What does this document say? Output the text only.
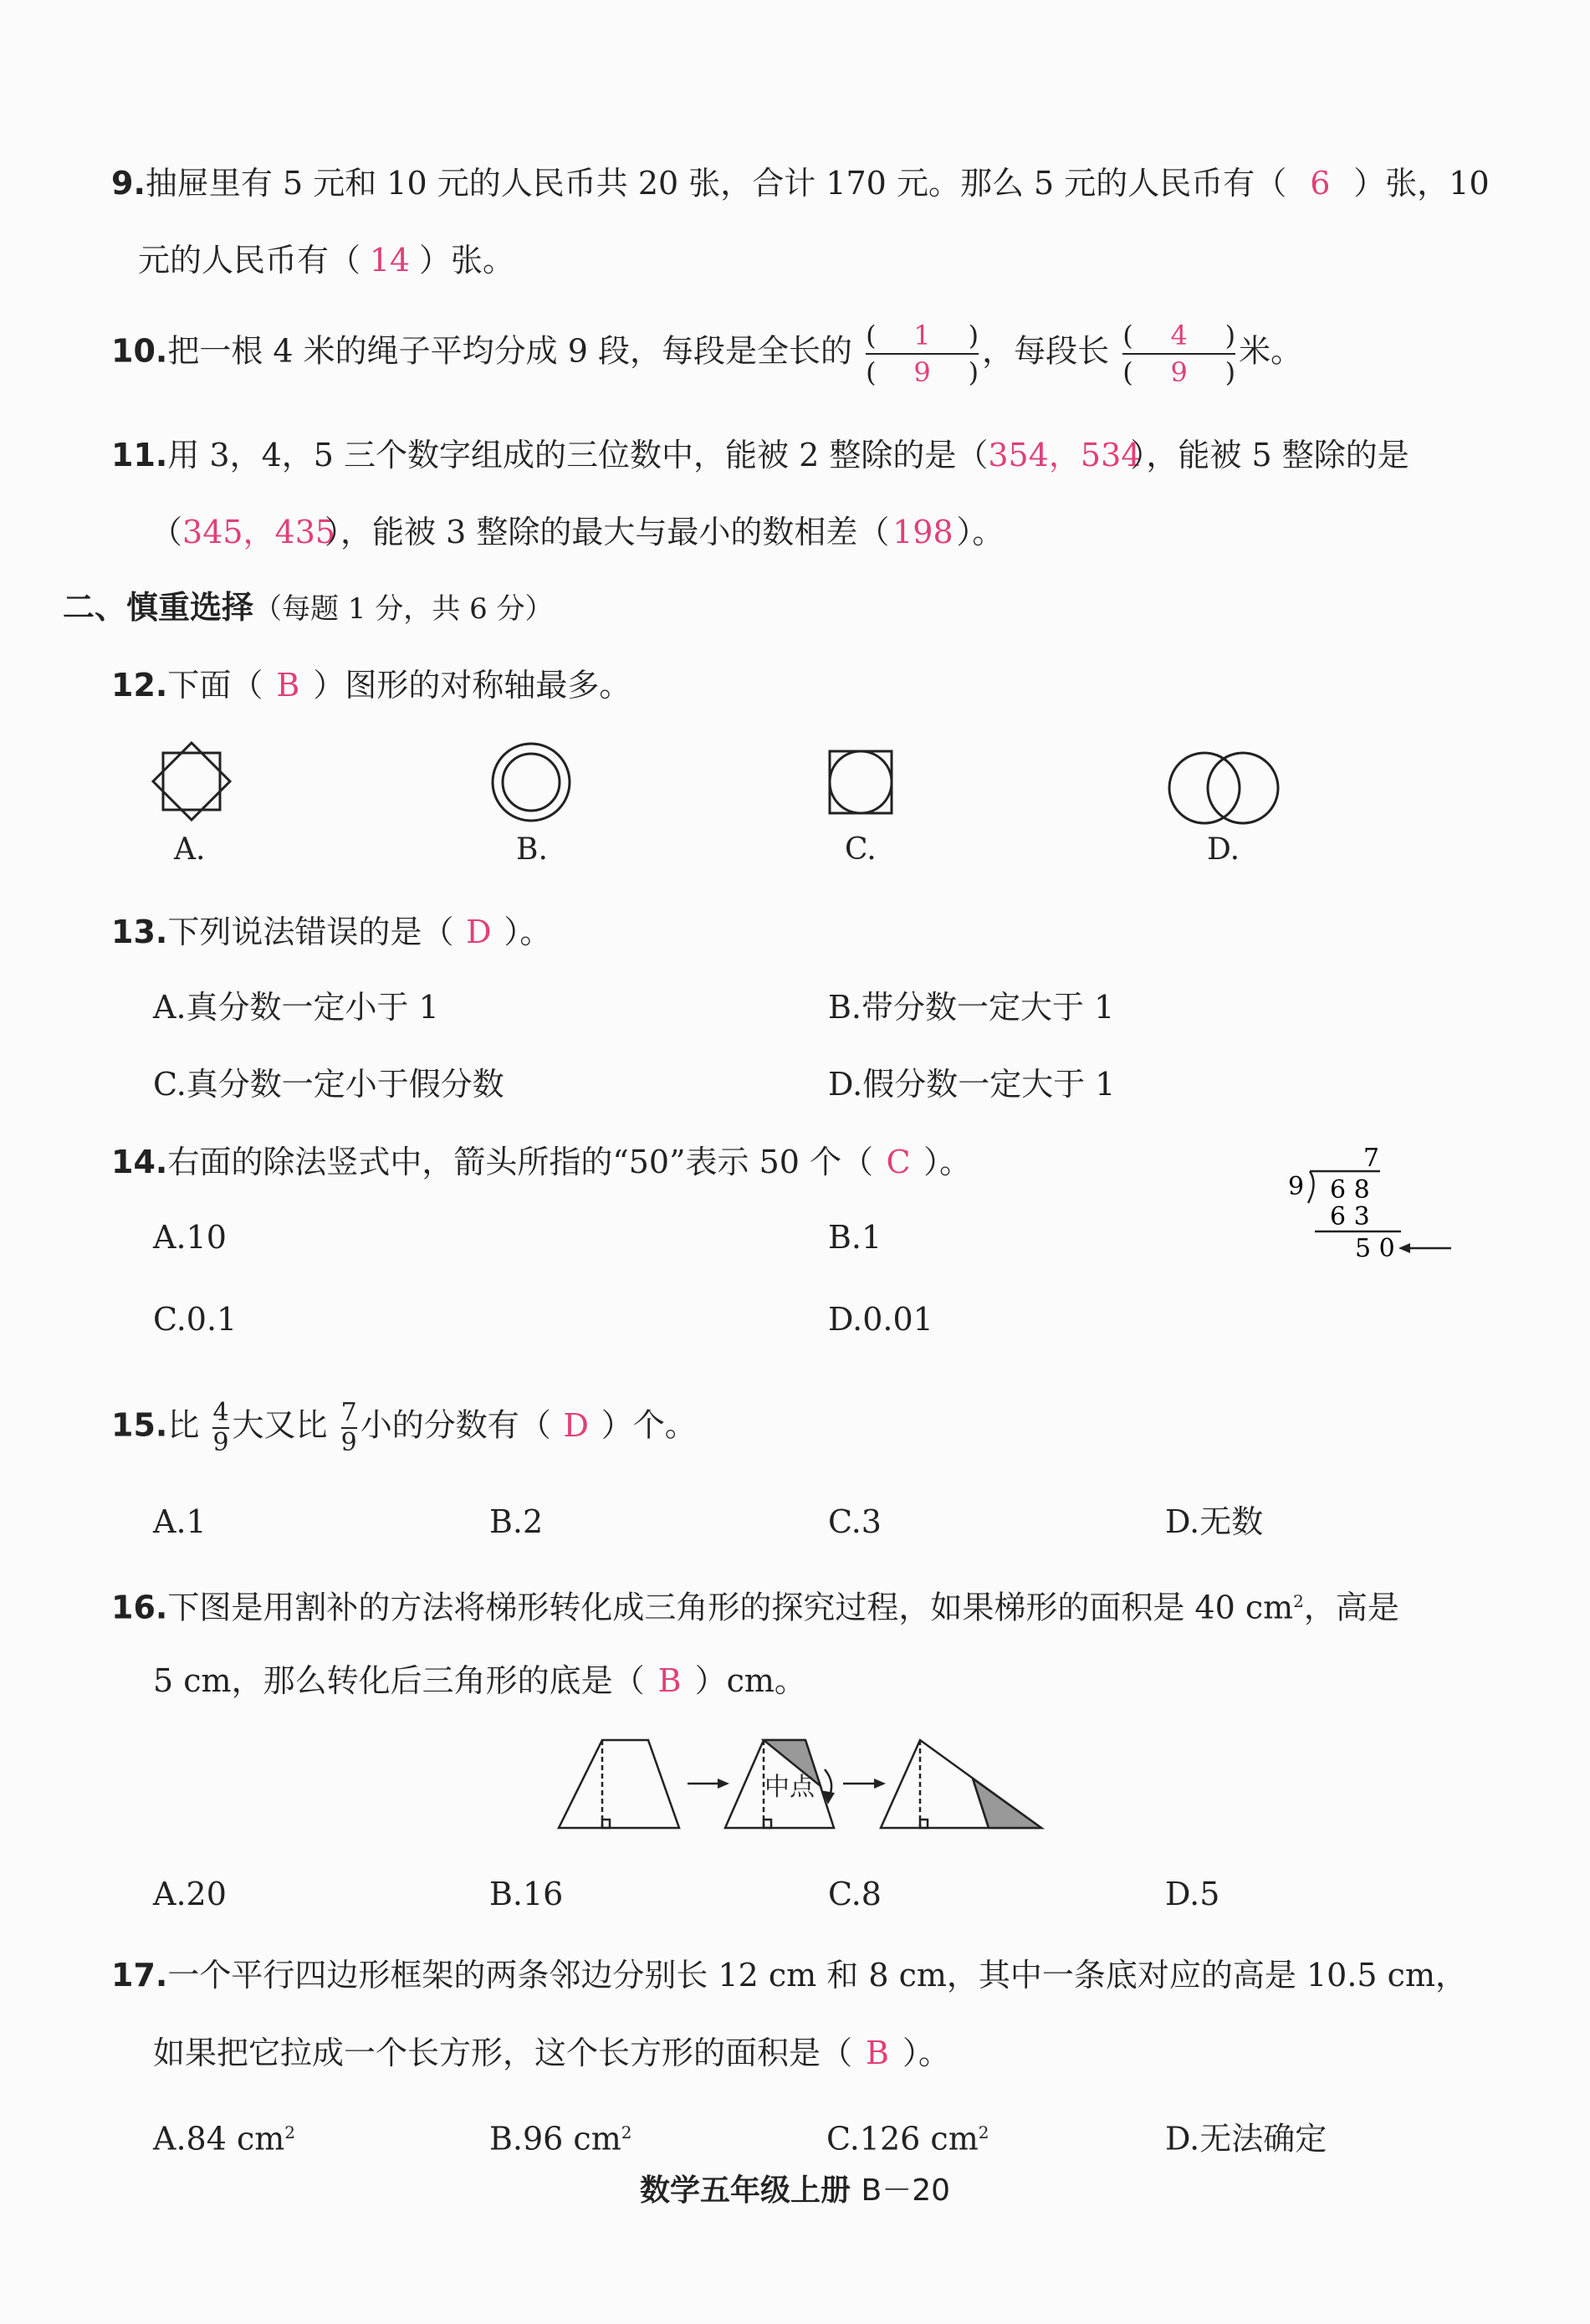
9.抽屉里有 5 元和 10 元的人民币共 20 张，合计 170 元。那么 5 元的人民币有（ 6 ）张，10
元的人民币有（ 14 ）张。
10.把一根 4 米的绳子平均分成 9 段，每段是全长的 $\frac{( 1 )}{( 9 )}$ ，每段长 $\frac{( 4 )}{( 9 )}$ 米。
11.用 3，4，5 三个数字组成的三位数中，能被 2 整除的是（354，534），能被 5 整除的是
（345，435），能被 3 整除的最大与最小的数相差（198）。
二、慎重选择（每题 1 分，共 6 分）
12.下面（ B ）图形的对称轴最多。
A.	B.	C.	D.
13.下列说法错误的是（ D ）。
A.真分数一定小于 1	B.带分数一定大于 1
C.真分数一定小于假分数	D.假分数一定大于 1
14.右面的除法竖式中，箭头所指的“50”表示 50 个（ C ）。
A.10	B.1
C.0.1	D.0.01
7
9 6 8
6 3
5 0
15.比 $\frac{4}{9}$ 大又比 $\frac{7}{9}$ 小的分数有（ D ）个。
A.1	B.2	C.3	D.无数
16.下图是用割补的方法将梯形转化成三角形的探究过程，如果梯形的面积是 40 $cm^2$，高是
5 cm，那么转化后三角形的底是（ B ）cm。
中点
A.20	B.16	C.8	D.5
17.一个平行四边形框架的两条邻边分别长 12 cm 和 8 cm，其中一条底对应的高是 10.5 cm，
如果把它拉成一个长方形，这个长方形的面积是（ B ）。
A.84 $cm^2$	B.96 $cm^2$	C.126 $cm^2$	D.无法确定
数学五年级上册 B－20
